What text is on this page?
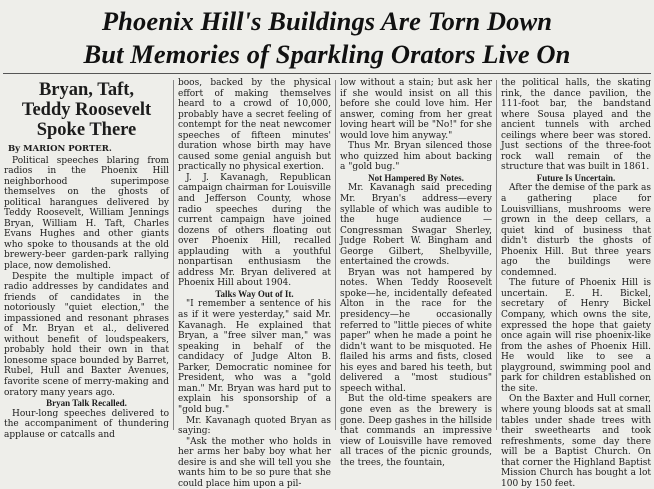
Phoenix Hill's Buildings Are Torn Down
But Memories of Sparkling Orators Live On
Bryan, Taft,
Teddy Roosevelt
Spoke There
By MARION PORTER.

Political speeches blaring from radios in the Phoenix Hill neighborhood superimpose themselves on the ghosts of political harangues delivered by Teddy Roosevelt, William Jennings Bryan, William H. Taft, Charles Evans Hughes and other giants who spoke to thousands at the old brewery-beer garden-park rallying place, now demolished.

Despite the multiple impact of radio addresses by candidates and friends of candidates in the notoriously "quiet election," the impassioned and resonant phrases of Mr. Bryan et al., delivered without benefit of loudspeakers, probably hold their own in that lonesome space bounded by Barret, Rubel, Hull and Baxter Avenues, favorite scene of merry-making and oratory many years ago.

Bryan Talk Recalled.

Hour-long speeches delivered to the accompaniment of thundering applause or catcalls and

boos, backed by the physical effort of making themselves heard to a crowd of 10,000, probably have a secret feeling of contempt for the neat newcomer speeches of fifteen minutes' duration whose birth may have caused some genial anguish but practically no physical exertion.

J. J. Kavanagh, Republican campaign chairman for Louisville and Jefferson County, whose radio speeches during the current campaign have joined dozens of others floating out over Phoenix Hill, recalled applauding with a youthful nonpartisan enthusiasm the address Mr. Bryan delivered at Phoenix Hill about 1904.

Talks Way Out of It.

"I remember a sentence of his as if it were yesterday," said Mr. Kavanagh. He explained that Bryan, a "free silver man," was speaking in behalf of the candidacy of Judge Alton B. Parker, Democratic nominee for President, who was a "gold man." Mr. Bryan was hard put to explain his sponsorship of a "gold bug."

Mr. Kavanagh quoted Bryan as saying:

"Ask the mother who holds in her arms her baby boy what her desire is and she will tell you she wants him to be so pure that she could place him upon a pil-

low without a stain; but ask her if she would insist on all this before she could love him. Her answer, coming from her great loving heart will be "No!" for she would love him anyway."

Thus Mr. Bryan silenced those who quizzed him about backing a "gold bug."

Not Hampered By Notes.

Mr. Kavanagh said preceding Mr. Bryan's address—every syllable of which was audible to the huge audience — Congressman Swagar Sherley, Judge Robert W. Bingham and George Gilbert, Shelbyville, entertained the crowds.

Bryan was not hampered by notes. When Teddy Roosevelt spoke—he, incidentally defeated Alton in the race for the presidency—he occasionally referred to "little pieces of white paper" when he made a point he didn't want to be misquoted. He flailed his arms and fists, closed his eyes and bared his teeth, but delivered a "most studious" speech withal.

But the old-time speakers are gone even as the brewery is gone. Deep gashes in the hillside that commands an impressive view of Louisville have removed all traces of the picnic grounds, the trees, the fountain,

the political halls, the skating rink, the dance pavilion, the 111-foot bar, the bandstand where Sousa played and the ancient tunnels with arched ceilings where beer was stored. Just sections of the three-foot rock wall remain of the structure that was built in 1861.

Future Is Uncertain.

After the demise of the park as a gathering place for Louisvillians, mushrooms were grown in the deep cellars, a quiet kind of business that didn't disturb the ghosts of Phoenix Hill. But three years ago the buildings were condemned.

The future of Phoenix Hill is uncertain. E. H. Bickel, secretary of Henry Bickel Company, which owns the site, expressed the hope that gaiety once again will rise phoenix-like from the ashes of Phoenix Hill. He would like to see a playground, swimming pool and park for children established on the site.

On the Baxter and Hull corner, where young bloods sat at small tables under shade trees with their sweethearts and took refreshments, some day there will be a Baptist Church. On that corner the Highland Baptist Mission Church has bought a lot 100 by 150 feet.
